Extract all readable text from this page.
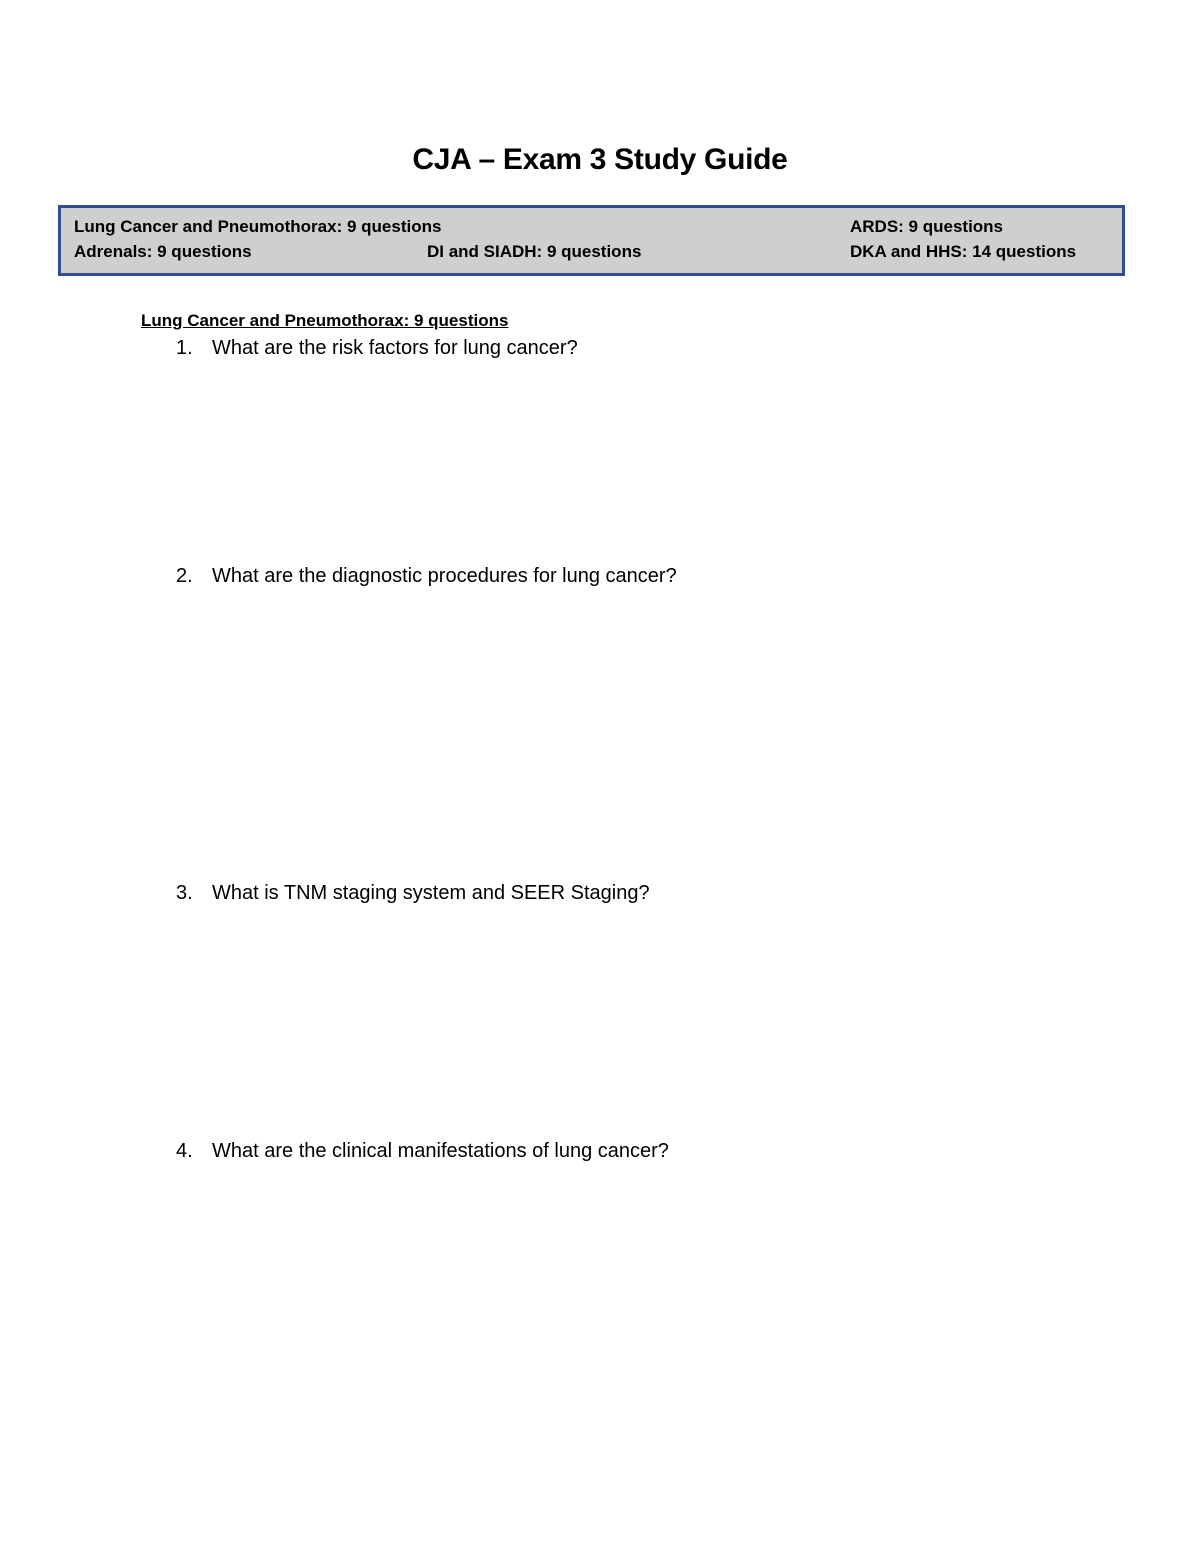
CJA – Exam 3 Study Guide
Lung Cancer and Pneumothorax: 9 questions	ARDS: 9 questions
Adrenals: 9 questions	DI and SIADH: 9 questions	DKA and HHS: 14 questions
Lung Cancer and Pneumothorax: 9 questions
1. What are the risk factors for lung cancer?
2. What are the diagnostic procedures for lung cancer?
3. What is TNM staging system and SEER Staging?
4. What are the clinical manifestations of lung cancer?
